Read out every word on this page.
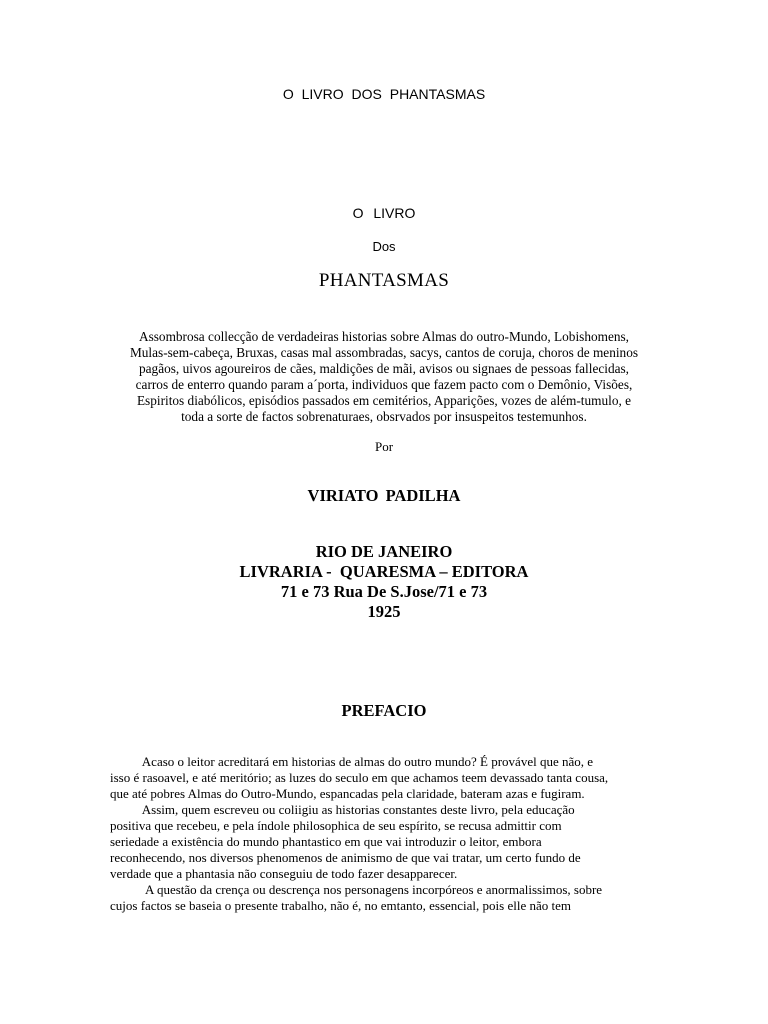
O LIVRO DOS PHANTASMAS
O LIVRO
Dos
PHANTASMAS
Assombrosa collecção de verdadeiras historias sobre Almas do outro-Mundo, Lobishomens,
Mulas-sem-cabeça, Bruxas, casas mal assombradas, sacys, cantos de coruja, choros de meninos
pagãos, uivos agoureiros de cães, maldições de mãi, avisos ou signaes de pessoas fallecidas,
carros de enterro quando param a´porta, individuos que fazem pacto com o Demônio, Visões,
Espiritos diabólicos, episódios passados em cemitérios, Apparições, vozes de além-tumulo, e
toda a sorte de factos sobrenaturaes, obsrvados por insuspeitos testemunhos.
Por
VIRIATO PADILHA
RIO DE JANEIRO
LIVRARIA -  QUARESMA – EDITORA
71 e 73 Rua De S.Jose/71 e 73
1925
PREFACIO
Acaso o leitor acreditará em historias de almas do outro mundo? É provável que não, e
isso é rasoavel, e até meritório; as luzes do seculo em que achamos teem devassado tanta cousa,
que até pobres Almas do Outro-Mundo, espancadas pela claridade, bateram azas e fugiram.
Assim, quem escreveu ou coliigiu as historias constantes deste livro, pela educação
positiva que recebeu, e pela índole philosophica de seu espírito, se recusa admittir com
seriedade a existência do mundo phantastico em que vai introduzir o leitor, embora
reconhecendo, nos diversos phenomenos de animismo de que vai tratar, um certo fundo de
verdade que a phantasia não conseguiu de todo fazer desapparecer.
A questão da crença ou descrença nos personagens incorpóreos e anormalissimos, sobre
cujos factos se baseia o presente trabalho, não é, no emtanto, essencial, pois elle não tem
